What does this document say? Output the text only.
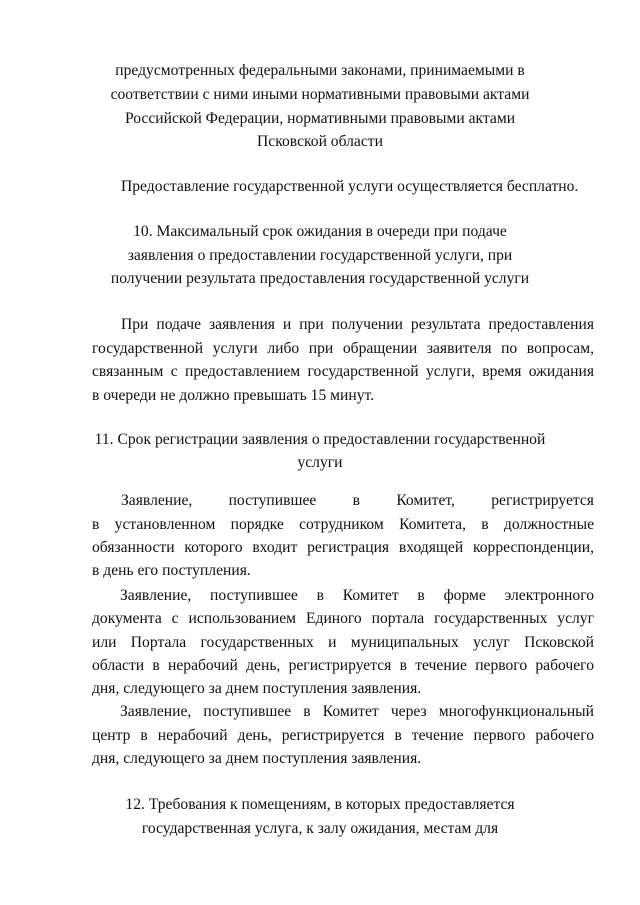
предусмотренных федеральными законами, принимаемыми в
соответствии с ними иными нормативными правовыми актами
Российской Федерации, нормативными правовыми актами
Псковской области
Предоставление государственной услуги осуществляется бесплатно.
10. Максимальный срок ожидания в очереди при подаче
заявления о предоставлении государственной услуги, при
получении результата предоставления государственной услуги
При подаче заявления и при получении результата предоставления
государственной услуги либо при обращении заявителя по вопросам,
связанным с предоставлением государственной услуги, время ожидания
в очереди не должно превышать 15 минут.
11. Срок регистрации заявления о предоставлении государственной
услуги
Заявление, поступившее в Комитет, регистрируется
в установленном порядке сотрудником Комитета, в должностные
обязанности которого входит регистрация входящей корреспонденции,
в день его поступления.
Заявление, поступившее в Комитет в форме электронного
документа с использованием Единого портала государственных услуг
или Портала государственных и муниципальных услуг Псковской
области в нерабочий день, регистрируется в течение первого рабочего
дня, следующего за днем поступления заявления.
Заявление, поступившее в Комитет через многофункциональный
центр в нерабочий день, регистрируется в течение первого рабочего
дня, следующего за днем поступления заявления.
12. Требования к помещениям, в которых предоставляется
государственная услуга, к залу ожидания, местам для
